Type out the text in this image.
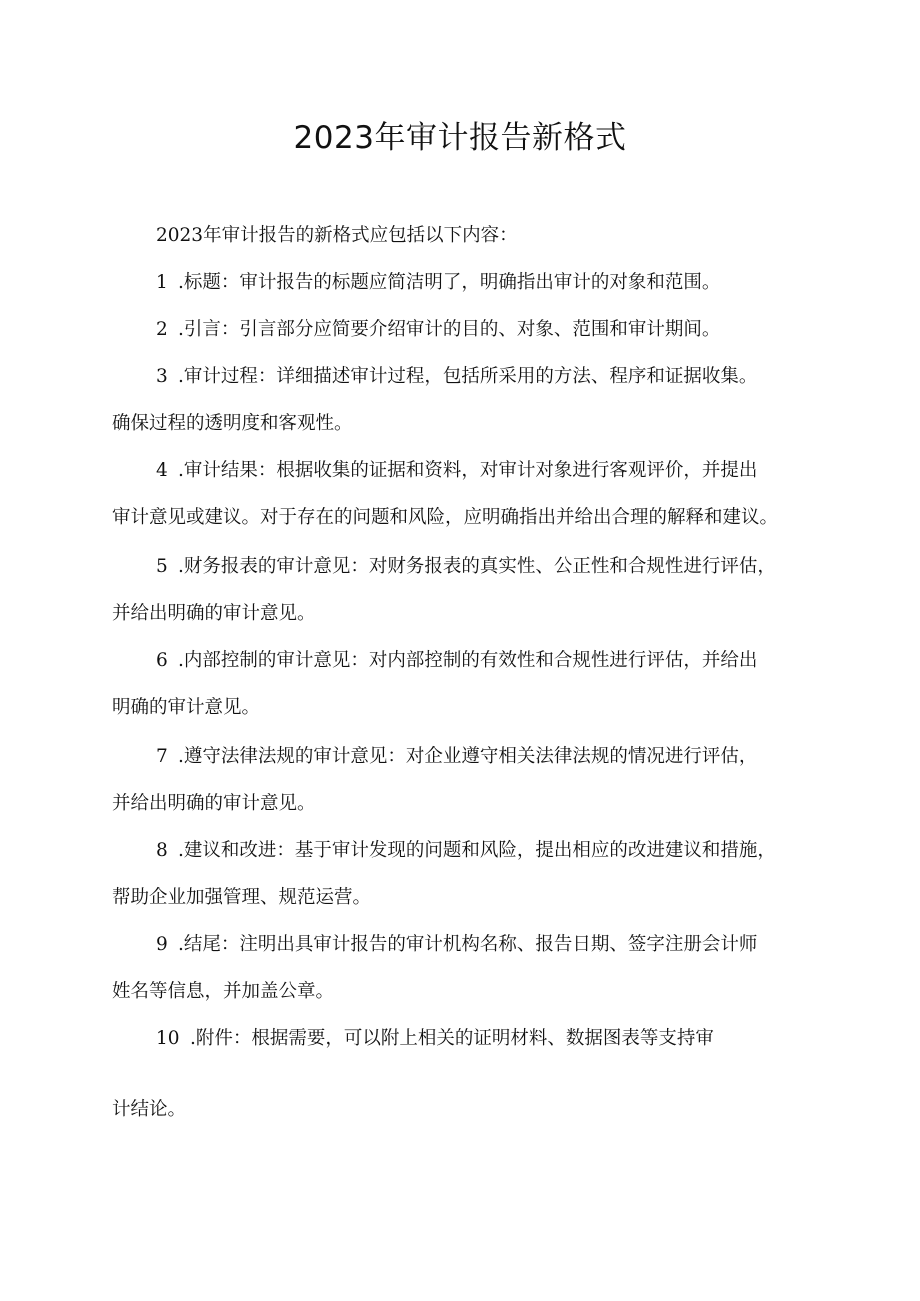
2023年审计报告新格式
2023年审计报告的新格式应包括以下内容：
1 .标题：审计报告的标题应简洁明了，明确指出审计的对象和范围。
2 .引言：引言部分应简要介绍审计的目的、对象、范围和审计期间。
3 .审计过程：详细描述审计过程，包括所采用的方法、程序和证据收集。
确保过程的透明度和客观性。
4 .审计结果：根据收集的证据和资料，对审计对象进行客观评价，并提出
审计意见或建议。对于存在的问题和风险，应明确指出并给出合理的解释和建议。
5 .财务报表的审计意见：对财务报表的真实性、公正性和合规性进行评估，
并给出明确的审计意见。
6 .内部控制的审计意见：对内部控制的有效性和合规性进行评估，并给出
明确的审计意见。
7 .遵守法律法规的审计意见：对企业遵守相关法律法规的情况进行评估，
并给出明确的审计意见。
8 .建议和改进：基于审计发现的问题和风险，提出相应的改进建议和措施，
帮助企业加强管理、规范运营。
9 .结尾：注明出具审计报告的审计机构名称、报告日期、签字注册会计师
姓名等信息，并加盖公章。
10 .附件：根据需要，可以附上相关的证明材料、数据图表等支持审
计结论。
